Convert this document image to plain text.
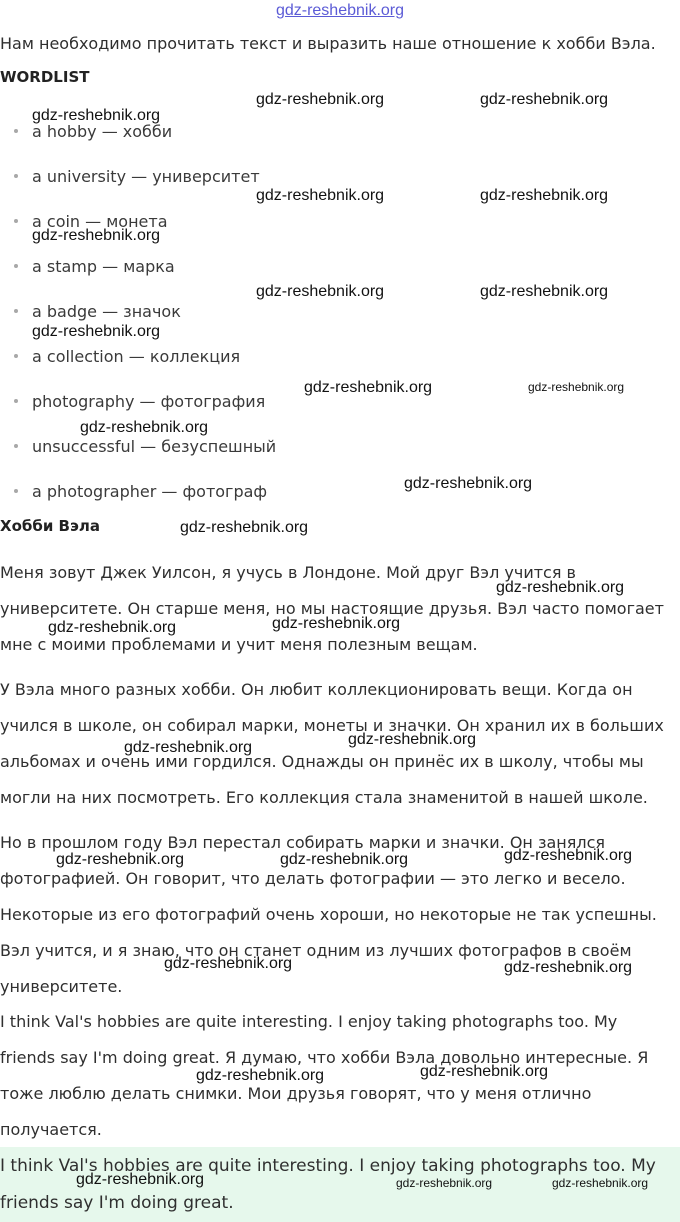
gdz-reshebnik.org
Нам необходимо прочитать текст и выразить наше отношение к хобби Вэла.
WORDLIST
a hobby — хобби
a university — университет
a coin — монета
a stamp — марка
a badge — значок
a collection — коллекция
photography — фотография
unsuccessful — безуспешный
a photographer — фотограф
Хобби Вэла
Меня зовут Джек Уилсон, я учусь в Лондоне. Мой друг Вэл учится в
университете. Он старше меня, но мы настоящие друзья. Вэл часто помогает
мне с моими проблемами и учит меня полезным вещам.
У Вэла много разных хобби. Он любит коллекционировать вещи. Когда он
учился в школе, он собирал марки, монеты и значки. Он хранил их в больших
альбомах и очень ими гордился. Однажды он принёс их в школу, чтобы мы
могли на них посмотреть. Его коллекция стала знаменитой в нашей школе.
Но в прошлом году Вэл перестал собирать марки и значки. Он занялся
фотографией. Он говорит, что делать фотографии — это легко и весело.
Некоторые из его фотографий очень хороши, но некоторые не так успешны.
Вэл учится, и я знаю, что он станет одним из лучших фотографов в своём
университете.
I think Val's hobbies are quite interesting. I enjoy taking photographs too. My
friends say I'm doing great. Я думаю, что хобби Вэла довольно интересные. Я
тоже люблю делать снимки. Мои друзья говорят, что у меня отлично
получается.
I think Val's hobbies are quite interesting. I enjoy taking photographs too. My
friends say I'm doing great.
gdz-reshebnik.org
gdz-reshebnik.org	gdz-reshebnik.org
gdz-reshebnik.org	gdz-reshebnik.org
gdz-reshebnik.org
gdz-reshebnik.org	gdz-reshebnik.org
gdz-reshebnik.org
gdz-reshebnik.org	gdz-reshebnik.org
gdz-reshebnik.org
gdz-reshebnik.org
gdz-reshebnik.org
gdz-reshebnik.org
gdz-reshebnik.org	gdz-reshebnik.org
gdz-reshebnik.org	gdz-reshebnik.org
gdz-reshebnik.org	gdz-reshebnik.org	gdz-reshebnik.org
gdz-reshebnik.org	gdz-reshebnik.org
gdz-reshebnik.org	gdz-reshebnik.org
gdz-reshebnik.org	gdz-reshebnik.org	gdz-reshebnik.org
